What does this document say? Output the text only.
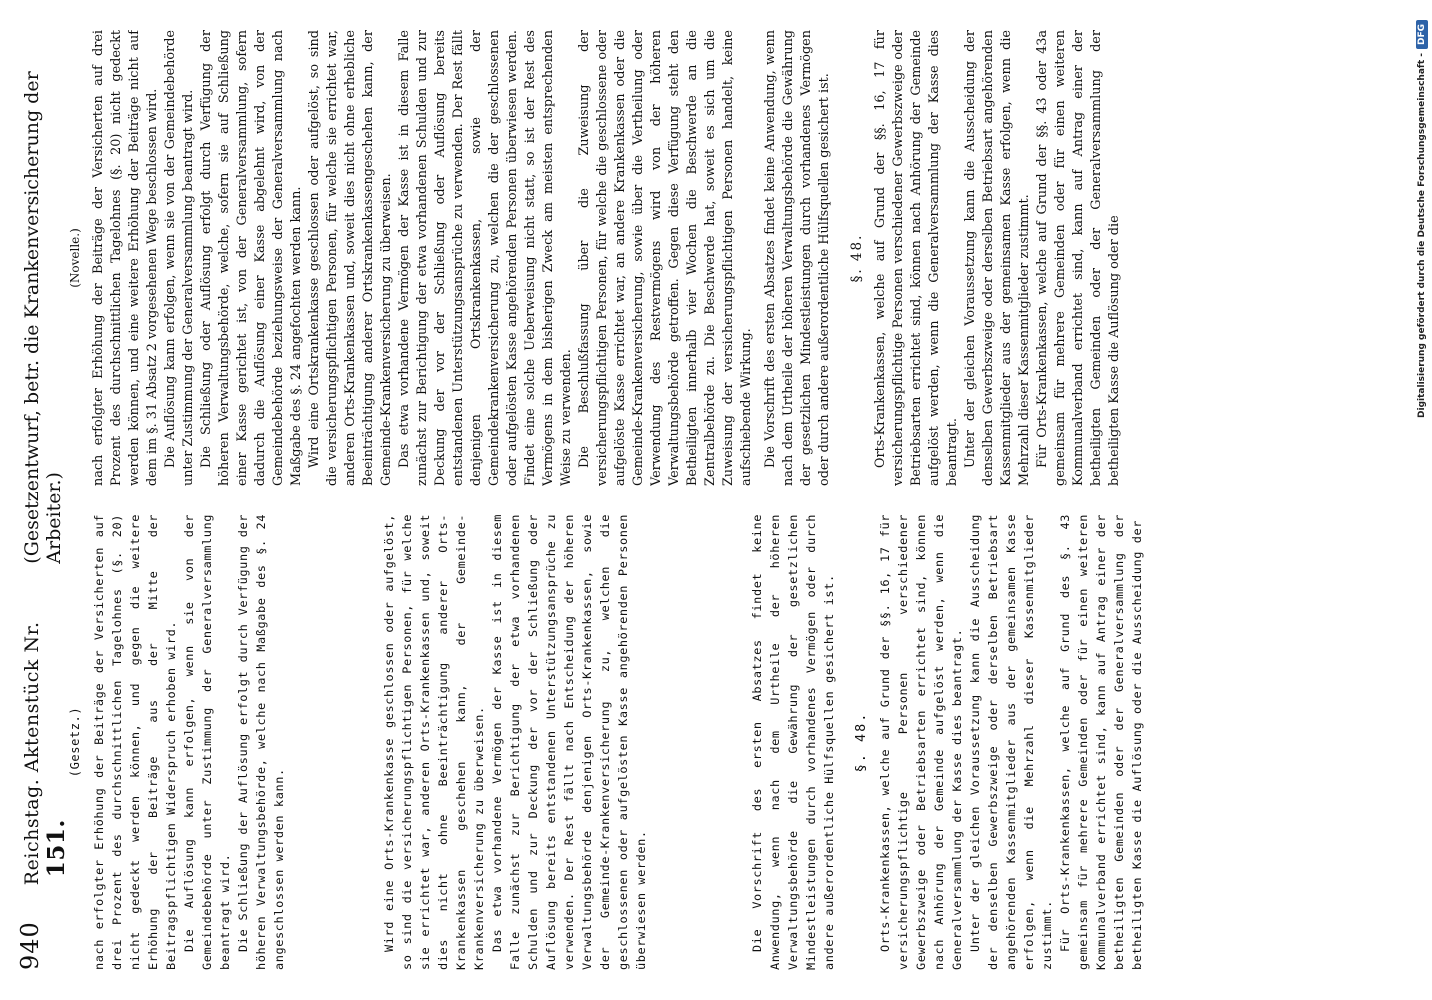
940
Reichstag. Aktenstück Nr. 151.
(Gesetzentwurf, betr. die Krankenversicherung der Arbeiter.)
(Gesetz.) nach erfolgter Erhöhung der Beiträge der Versicherten auf drei Prozent des durchschnittlichen Tagelohnes (§. 20) nicht gedeckt werden können, und gegen die weitere Erhöhung der Beiträge aus der Mitte der Beitragspflichtigen Widerspruch erhoben wird. Die Auflösung kann erfolgen, wenn sie von der Gemeindebehörde unter Zustimmung der Generalversammlung beantragt wird. Die Schließung der Auflösung erfolgt durch Verfügung der höheren Verwaltungsbehörde, welche nach Maßgabe des §. 24 angeschlossen werden kann.	Wird eine Orts-Krankenkasse geschlossen oder aufgelöst, so sind die versicherungspflichtigen Personen, für welche sie errichtet war, anderen Orts-Krankenkassen und, soweit dies nicht ohne Beeinträchtigung anderer Orts-Krankenkassen geschehen kann, der Gemeinde-Krankenversicherung zu überweisen. Das etwa vorhandene Vermögen der Kasse ist in diesem Falle zunächst zur Berichtigung der etwa vorhandenen Schulden und zur Deckung der vor der Schließung oder Auflösung bereits entstandenen Unterstützungsansprüche zu verwenden. Der Rest fällt nach Entscheidung der höheren Verwaltungsbehörde denjenigen Orts-Krankenkassen, sowie der Gemeinde-Krankenversicherung zu, welchen die geschlossenen oder aufgelösten Kasse angehörenden Personen überwiesen werden.	Die Vorschrift des ersten Absatzes findet keine Anwendung, wenn nach dem Urtheile der höheren Verwaltungsbehörde die Gewährung der gesetzlichen Mindestleistungen durch vorhandenes Vermögen oder durch andere außerordentliche Hülfsquellen gesichert ist. §. 48. Orts-Krankenkassen, welche auf Grund der §§. 16, 17 für versicherungspflichtige Personen verschiedener Gewerbszweige oder Betriebsarten errichtet sind, können nach Anhörung der Gemeinde aufgelöst werden, wenn die Generalversammlung der Kasse dies beantragt. Unter der gleichen Voraussetzung kann die Ausscheidung der denselben Gewerbszweige oder derselben Betriebsart angehörenden Kassenmitglieder aus der gemeinsamen Kasse erfolgen, wenn die Mehrzahl dieser Kassenmitglieder zustimmt. Für Orts-Krankenkassen, welche auf Grund des §. 43 gemeinsam für mehrere Gemeinden oder für einen weiteren Kommunalverband errichtet sind, kann auf Antrag einer der betheiligten Gemeinden oder der Generalversammlung der betheiligten Kasse die Auflösung oder die Ausscheidung der

(Novelle.) nach erfolgter Erhöhung der Beiträge der Versicherten auf drei Prozent des durchschnittlichen Tagelohnes (§. 20) nicht gedeckt werden können, und eine weitere Erhöhung der Beiträge nicht auf dem im §. 31 Absatz 2 vorgesehenen Wege beschlossen wird. Die Auflösung kann erfolgen, wenn sie von der Gemeindebehörde unter Zustimmung der Generalversammlung beantragt wird. Die Schließung oder Auflösung erfolgt durch Verfügung der höheren Verwaltungsbehörde, welche, sofern sie auf Schließung einer Kasse gerichtet ist, von der Generalversammlung, sofern dadurch die Auflösung einer Kasse abgelehnt wird, von der Gemeindebehörde beziehungsweise der Generalversammlung nach Maßgabe des §. 24 angefochten werden kann. Wird eine Ortskrankenkasse geschlossen oder aufgelöst, so sind die versicherungspflichtigen Personen, für welche sie errichtet war, anderen Orts-Krankenkassen und, soweit dies nicht ohne erhebliche Beeinträchtigung anderer Ortskrankenkassengeschehen kann, der Gemeinde-Krankenversicherung zu überweisen. Das etwa vorhandene Vermögen der Kasse ist in diesem Falle zunächst zur Berichtigung der etwa vorhandenen Schulden und zur Deckung der vor der Schließung oder Auflösung bereits entstandenen Unterstützungsansprüche zu verwenden. Der Rest fällt denjenigen Ortskrankenkassen, sowie der Gemeindekrankenversicherung zu, welchen die der geschlossenen oder aufgelösten Kasse angehörenden Personen überwiesen werden. Findet eine solche Ueberweisung nicht statt, so ist der Rest des Vermögens in dem bisherigen Zweck am meisten entsprechenden Weise zu verwenden. Die Beschlußfassung über die Zuweisung der versicherungspflichtigen Personen, für welche die geschlossene oder aufgelöste Kasse errichtet war, an andere Krankenkassen oder die Gemeinde-Krankenversicherung, sowie über die Vertheilung oder Verwendung des Restvermögens wird von der höheren Verwaltungsbehörde getroffen. Gegen diese Verfügung steht den Betheiligten innerhalb vier Wochen die Beschwerde an die Zentralbehörde zu. Die Beschwerde hat, soweit es sich um die Zuweisung der versicherungspflichtigen Personen handelt, keine aufschiebende Wirkung. Die Vorschrift des ersten Absatzes findet keine Anwendung, wenn nach dem Urtheile der höheren Verwaltungsbehörde die Gewährung der gesetzlichen Mindestleistungen durch vorhandenes Vermögen oder durch andere außerordentliche Hülfsquellen gesichert ist. §. 48. Orts-Krankenkassen, welche auf Grund der §§. 16, 17 für versicherungspflichtige Personen verschiedener Gewerbszweige oder Betriebsarten errichtet sind, können nach Anhörung der Gemeinde aufgelöst werden, wenn die Generalversammlung der Kasse dies beantragt. Unter der gleichen Voraussetzung kann die Ausscheidung der denselben Gewerbszweige oder derselben Betriebsart angehörenden Kassenmitglieder aus der gemeinsamen Kasse erfolgen, wenn die Mehrzahl dieser Kassenmitglieder zustimmt. Für Orts-Krankenkassen, welche auf Grund der §§. 43 oder 43a gemeinsam für mehrere Gemeinden oder für einen weiteren Kommunalverband errichtet sind, kann auf Antrag einer der betheiligten Gemeinden oder der Generalversammlung der betheiligten Kasse die Auflösung oder die	Digitalisierung gefördert durch die Deutsche Forschungsgemeinschaft -
DFG
